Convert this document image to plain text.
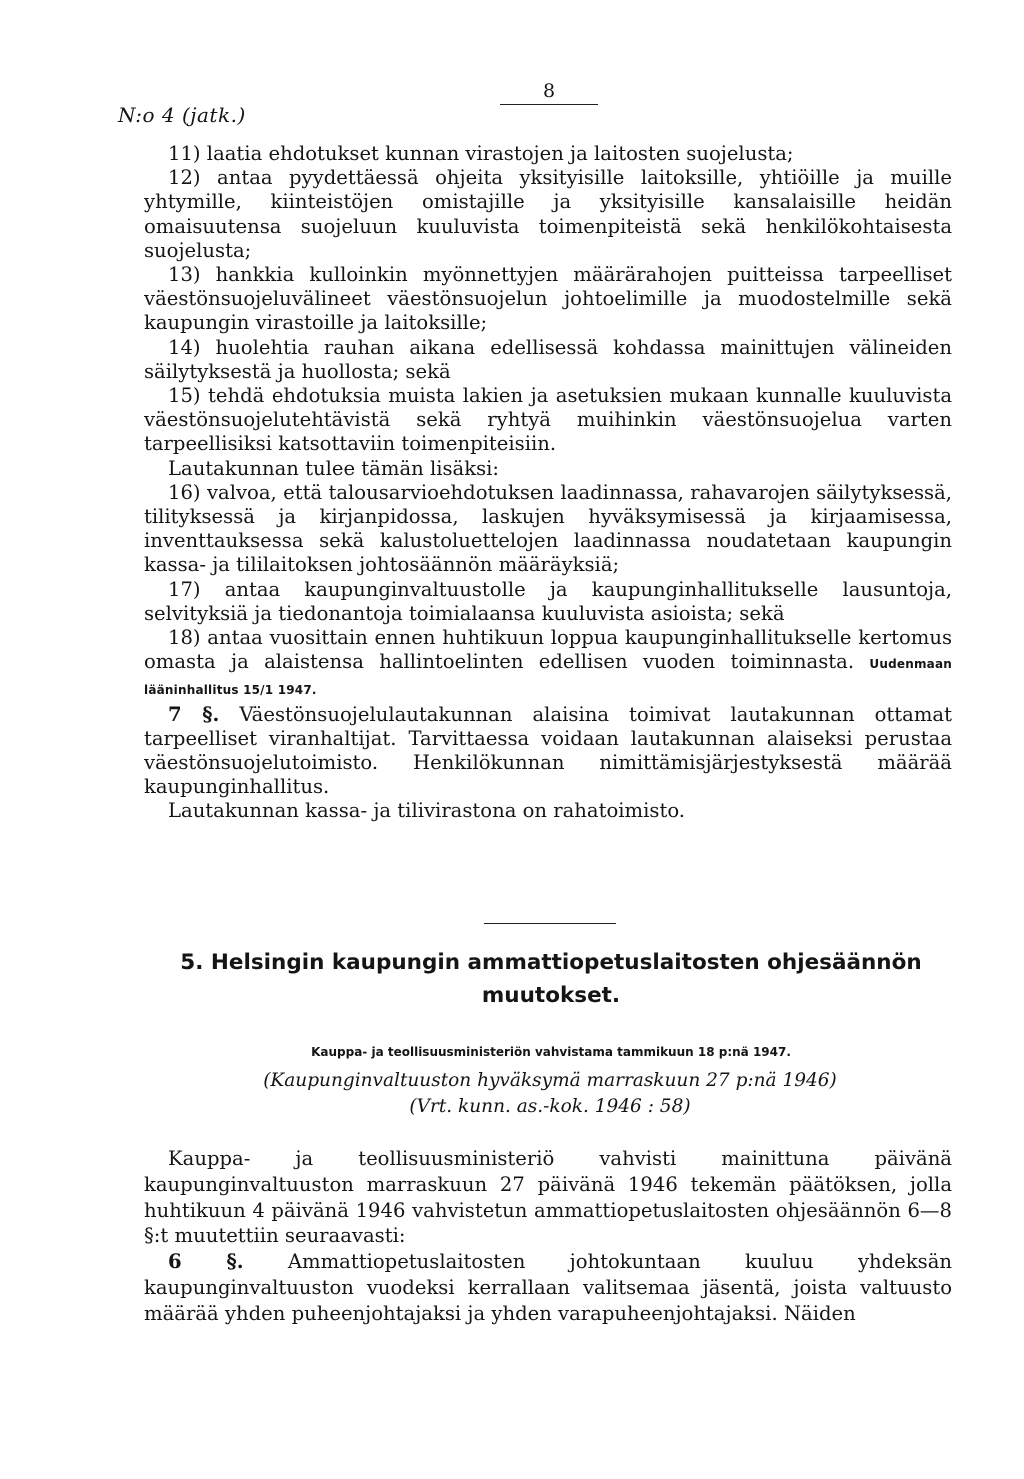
N:o 4 (jatk.)
8

11) laatia ehdotukset kunnan virastojen ja laitosten suojelusta;

12) antaa pyydettäessä ohjeita yksityisille laitoksille, yhtiöille ja muille yhtymille, kiinteistöjen omistajille ja yksityisille kansalaisille heidän omaisuutensa suojeluun kuuluvista toimenpiteistä sekä henkilökohtaisesta suojelusta;

13) hankkia kulloinkin myönnettyjen määrärahojen puitteissa tarpeelliset väestönsuojeluvälineet väestönsuojelun johtoelimille ja muodostelmille sekä kaupungin virastoille ja laitoksille;

14) huolehtia rauhan aikana edellisessä kohdassa mainittujen välineiden säilytyksestä ja huollosta; sekä

15) tehdä ehdotuksia muista lakien ja asetuksien mukaan kunnalle kuuluvista väestönsuojelutehtävistä sekä ryhtyä muihinkin väestönsuojelua varten tarpeellisiksi katsottaviin toimenpiteisiin.

Lautakunnan tulee tämän lisäksi:

16) valvoa, että talousarvioehdotuksen laadinnassa, rahavarojen säilytyksessä, tilityksessä ja kirjanpidossa, laskujen hyväksymisessä ja kirjaamisessa, inventtauksessa sekä kalustoluettelojen laadinnassa noudatetaan kaupungin kassa- ja tililaitoksen johtosäännön määräyksiä;

17) antaa kaupunginvaltuustolle ja kaupunginhallitukselle lausuntoja, selvityksiä ja tiedonantoja toimialaansa kuuluvista asioista; sekä

18) antaa vuosittain ennen huhtikuun loppua kaupunginhallitukselle kertomus omasta ja alaistensa hallintoelinten edellisen vuoden toiminnasta. Uudenmaan lääninhallitus 15/1 1947.

7 §. Väestönsuojelulautakunnan alaisina toimivat lautakunnan ottamat tarpeelliset viranhaltijat. Tarvittaessa voidaan lautakunnan alaiseksi perustaa väestönsuojelutoimisto. Henkilökunnan nimittämisjärjestyksestä määrää kaupunginhallitus.

Lautakunnan kassa- ja tilivirastona on rahatoimisto.

5. Helsingin kaupungin ammattiopetuslaitosten ohjesäännön
muutokset.
Kauppa- ja teollisuusministeriön vahvistama tammikuun 18 p:nä 1947.
(Kaupunginvaltuuston hyväksymä marraskuun 27 p:nä 1946)
(Vrt. kunn. as.-kok. 1946 : 58)

Kauppa- ja teollisuusministeriö vahvisti mainittuna päivänä kaupunginvaltuuston marraskuun 27 päivänä 1946 tekemän päätöksen, jolla huhtikuun 4 päivänä 1946 vahvistetun ammattiopetuslaitosten ohjesäännön 6—8 §:t muutettiin seuraavasti:

6 §. Ammattiopetuslaitosten johtokuntaan kuuluu yhdeksän kaupunginvaltuuston vuodeksi kerrallaan valitsemaa jäsentä, joista valtuusto määrää yhden puheenjohtajaksi ja yhden varapuheenjohtajaksi. Näiden
